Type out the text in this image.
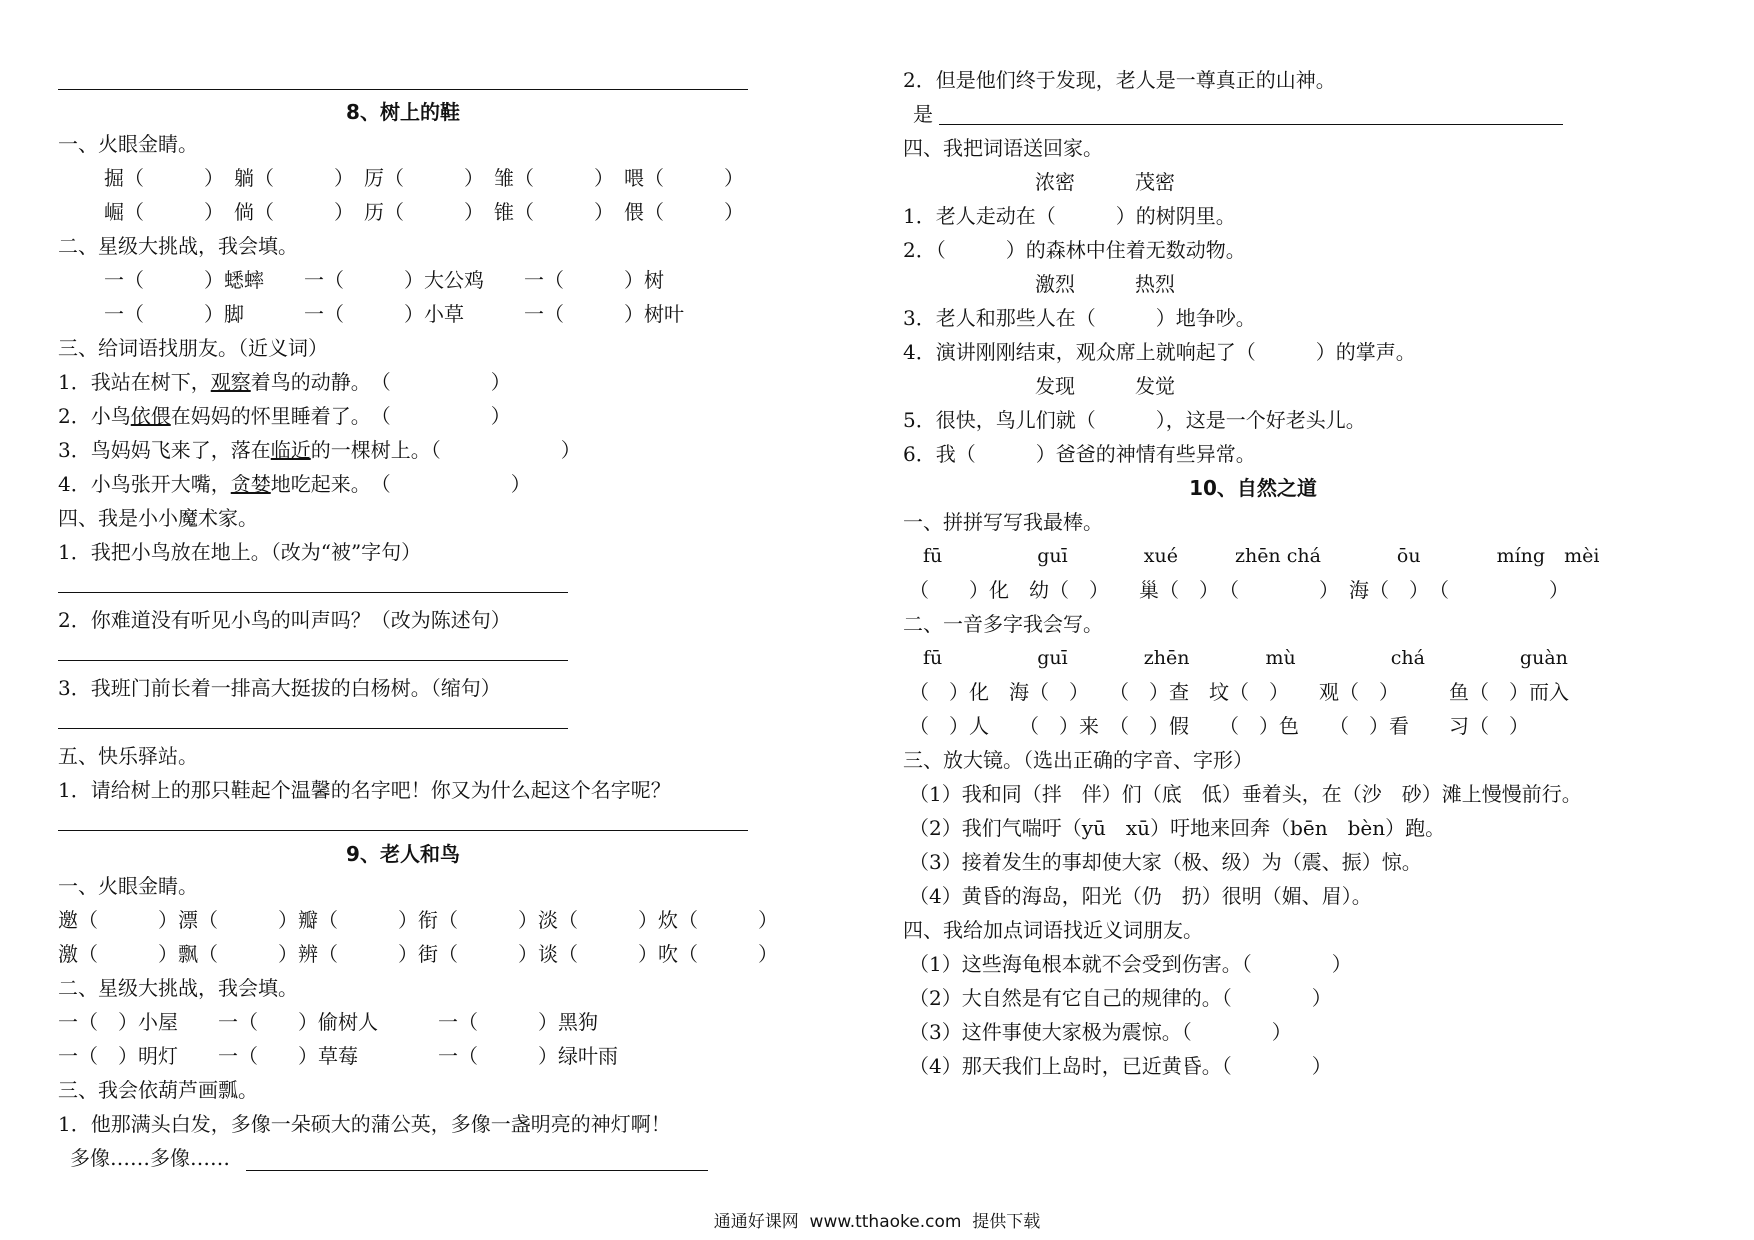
8、树上的鞋
一、火眼金睛。
掘（　　　）　躺（　　　）　厉（　　　）　雏（　　　）　喂（　　　）
崛（　　　）　倘（　　　）　历（　　　）　锥（　　　）　偎（　　　）
二、星级大挑战，我会填。
一（　　　）蟋蟀　　一（　　　）大公鸡　　一（　　　）树
一（　　　）脚　　　一（　　　）小草　　　一（　　　）树叶
三、给词语找朋友。（近义词）
1．我站在树下，观察着鸟的动静。　（　　　　　）
2．小鸟依偎在妈妈的怀里睡着了。　（　　　　　）
3．鸟妈妈飞来了，落在临近的一棵树上。（　　　　　　）
4．小鸟张开大嘴，贪婪地吃起来。　（　　　　　　）
四、我是小小魔术家。
1．我把小鸟放在地上。（改为“被”字句）
2．你难道没有听见小鸟的叫声吗？（改为陈述句）
3．我班门前长着一排高大挺拔的白杨树。（缩句）
五、快乐驿站。
1．请给树上的那只鞋起个温馨的名字吧！你又为什么起这个名字呢？
9、老人和鸟
一、火眼金睛。
邀（　　　）漂（　　　）瓣（　　　）衔（　　　）淡（　　　）炊（　　　）
激（　　　）飘（　　　）辨（　　　）街（　　　）谈（　　　）吹（　　　）
二、星级大挑战，我会填。
一（　）小屋　　一（　　）偷树人　　　一（　　　）黑狗
一（　）明灯　　一（　　）草莓　　　　一（　　　）绿叶雨
三、我会依葫芦画瓢。
1．他那满头白发，多像一朵硕大的蒲公英，多像一盏明亮的神灯啊！
多像……多像……
2．但是他们终于发现，老人是一尊真正的山神。
是
四、我把词语送回家。
浓密　　　茂密
1．老人走动在（　　　）的树阴里。
2．（　　　）的森林中住着无数动物。
激烈　　　热烈
3．老人和那些人在（　　　）地争吵。
4．演讲刚刚结束，观众席上就响起了（　　　）的掌声。
发现　　　发觉
5．很快，鸟儿们就（　　　），这是一个好老头儿。
6．我（　　　）爸爸的神情有些异常。
10、自然之道
一、拼拼写写我最棒。
fū　　　　　guī　　　　xué　　　zhēn chá　　　　ōu　　　　míng　mèi
（　　）化　幼（　）　　巢（　）　（　　　　）　海（　）　（　　　　　）
二、一音多字我会写。
fū　　　　　guī　　　　zhēn　　　　mù　　　　　chá　　　　　guàn
（　）化　海（　）　　（　）查　坟（　）　　观（　）　　　鱼（　）而入
（　）人　　（　）来　（　）假　　（　）色　　（　）看　　习（　）
三、放大镜。（选出正确的字音、字形）
（1）我和同（拌　伴）们（底　低）垂着头，在（沙　砂）滩上慢慢前行。
（2）我们气喘吁（yū　xū）吁地来回奔（bēn　bèn）跑。
（3）接着发生的事却使大家（极、级）为（震、振）惊。
（4）黄昏的海岛，阳光（仍　扔）很明（媚、眉）。
四、我给加点词语找近义词朋友。
（1）这些海龟根本就不会受到伤害。（　　　　）
（2）大自然是有它自己的规律的。（　　　　）
（3）这件事使大家极为震惊。（　　　　）
（4）那天我们上岛时，已近黄昏。（　　　　）
通通好课网  www.tthaoke.com  提供下载
